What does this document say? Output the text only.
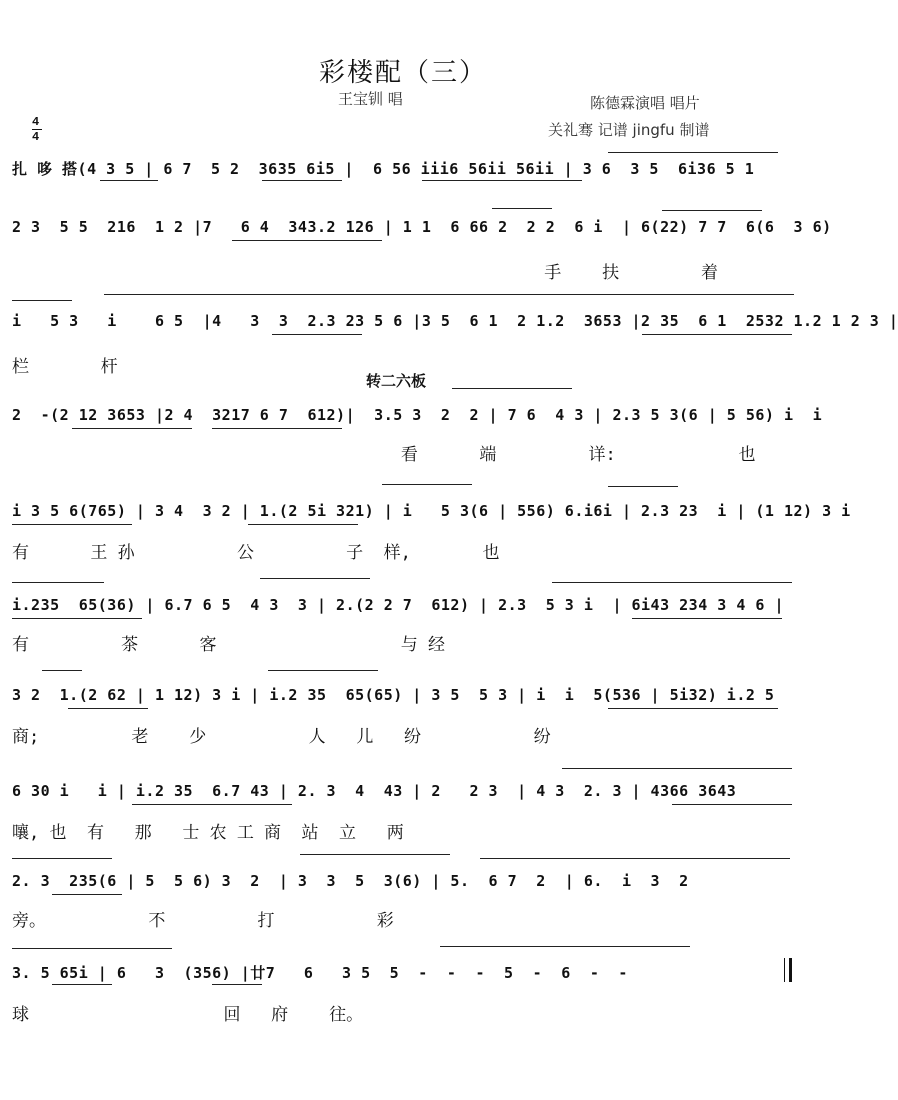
彩楼配（三）
王宝钏 唱	陈德霖演唱 唱片
关礼骞 记谱 jingfu 制谱
4
4
扎 哆 搭(4 3 5 | 6 7  5 2  3635 6i5 |  6 56 iii6 56ii 56ii | 3 6  3 5  6i36 5 1
2 3  5 5  216  1 2 |7   6 4  343.2 126 | 1 1  6 66 2  2 2  6 i  | 6(22) 7 7  6(6  3 6)
手    扶        着
i   5 3   i    6 5  |4   3  3  2.3 23 5 6 |3 5  6 1  2 1.2  3653 |2 35  6 1  2532 1.2 1 2 3 |
栏       杆
转二六板
2  -(2 12 3653 |2 4  3217 6 7  612)|  3.5 3  2  2 | 7 6  4 3 | 2.3 5 3(6 | 5 56) i  i
看      端         详:            也
i 3 5 6(765) | 3 4  3 2 | 1.(2 5i 321) | i   5 3(6 | 556) 6.i6i | 2.3 23  i | (1 12) 3 i
有      王 孙          公         子  样,       也
i.235  65(36) | 6.7 6 5  4 3  3 | 2.(2 2 7  612) | 2.3  5 3 i  | 6i43 234 3 4 6 |
有         茶      客                  与 经
3 2  1.(2 62 | 1 12) 3 i | i.2 35  65(65) | 3 5  5 3 | i  i  5(536 | 5i32) i.2 5
商;         老    少          人   儿   纷           纷
6 30 i   i | i.2 35  6.7 43 | 2. 3  4  43 | 2   2 3  | 4 3  2. 3 | 4366 3643
嚷, 也  有   那   士 农 工 商  站  立   两
2. 3  235(6 | 5  5 6) 3  2  | 3  3  5  3(6) | 5.  6 7  2  | 6.  i  3  2
旁。          不         打          彩
3. 5 65i | 6   3  (356) |廿7   6   3 5  5  -  -  -  5  -  6  -  -
球                   回   府    往。
